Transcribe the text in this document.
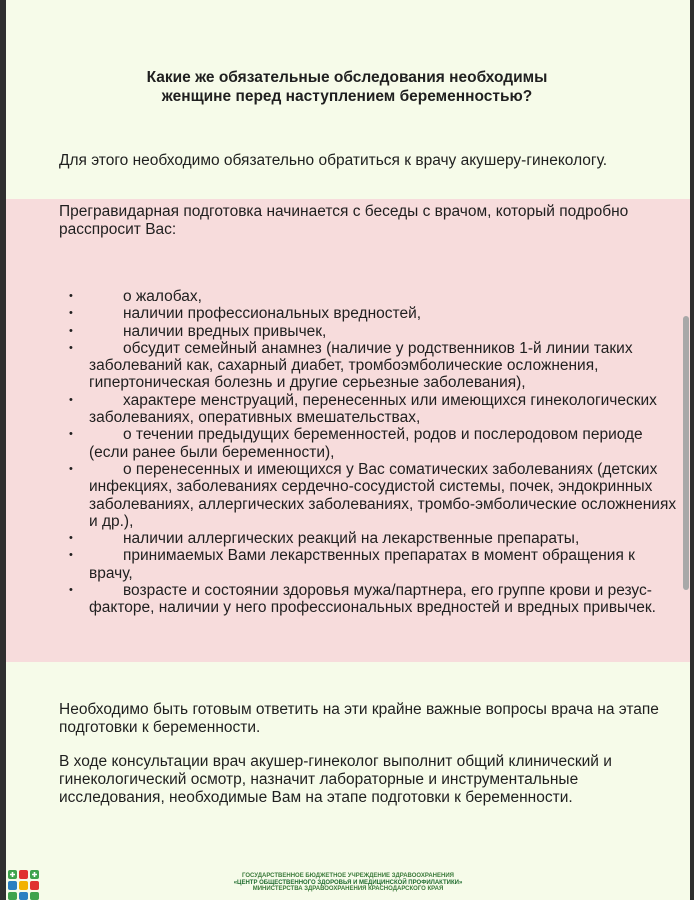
Какие же обязательные обследования необходимы
женщине перед наступлением беременностью?
Для этого необходимо обязательно обратиться к врачу акушеру-гинекологу.
Прегравидарная подготовка начинается с беседы с врачом, который подробно расспросит Вас:
•	о жалобах,
•	наличии профессиональных вредностей,
•	наличии вредных привычек,
•	обсудит семейный анамнез (наличие у родственников 1-й линии таких заболеваний как, сахарный диабет, тромбоэмболические осложнения, гипертоническая болезнь и другие серьезные заболевания),
•	характере менструаций, перенесенных или имеющихся гинекологических заболеваниях, оперативных вмешательствах,
•	о течении предыдущих беременностей, родов и послеродовом периоде (если ранее были беременности),
•	о перенесенных и имеющихся у Вас соматических заболеваниях (детских инфекциях, заболеваниях сердечно-сосудистой системы, почек, эндокринных заболеваниях, аллергических заболеваниях, тромбо-эмболические осложнениях и др.),
•	наличии аллергических реакций на лекарственные препараты,
•	принимаемых Вами лекарственных препаратах в момент обращения к врачу,
•	возрасте и состоянии здоровья мужа/партнера, его группе крови и резус-факторе, наличии у него профессиональных вредностей и вредных привычек.
Необходимо быть готовым ответить на эти крайне важные вопросы врача на этапе подготовки к беременности.
В ходе консультации врач акушер-гинеколог выполнит общий клинический и гинекологический осмотр, назначит лабораторные и инструментальные исследования, необходимые Вам на этапе подготовки к беременности.
ГОСУДАРСТВЕННОЕ БЮДЖЕТНОЕ УЧРЕЖДЕНИЕ ЗДРАВООХРАНЕНИЯ
«ЦЕНТР ОБЩЕСТВЕННОГО ЗДОРОВЬЯ И МЕДИЦИНСКОЙ ПРОФИЛАКТИКИ»
МИНИСТЕРСТВА ЗДРАВООХРАНЕНИЯ КРАСНОДАРСКОГО КРАЯ
